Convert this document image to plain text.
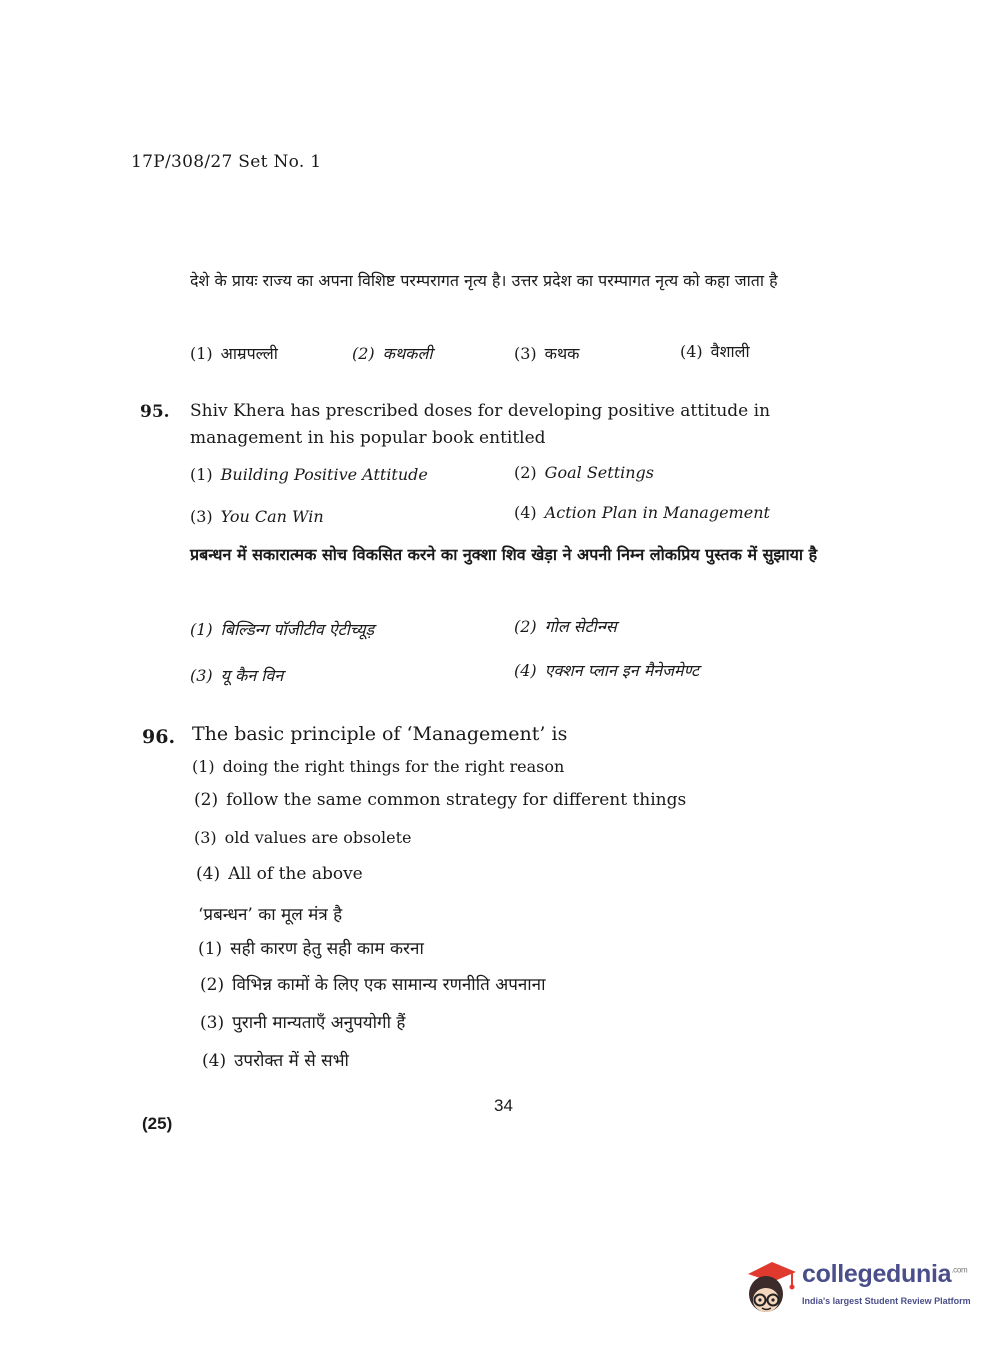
17P/308/27 Set No. 1
देशे के प्रायः राज्य का अपना विशिष्ट परम्परागत नृत्य है। उत्तर प्रदेश का परम्पागत नृत्य को कहा जाता है
(1) आम्रपल्ली	(2) कथकली	(3) कथक	(4) वैशाली
95. Shiv Khera has prescribed doses for developing positive attitude in management in his popular book entitled
(1) Building Positive Attitude	(2) Goal Settings
(3) You Can Win	(4) Action Plan in Management
प्रबन्धन में सकारात्मक सोच विकसित करने का नुक्शा शिव खेड़ा ने अपनी निम्न लोकप्रिय पुस्तक में सुझाया है
(1) बिल्डिन्ग पॉजीटीव ऐटीच्यूड़	(2) गोल सेटीन्ग्स
(3) यू कैन विन	(4) एक्शन प्लान इन मैनेजमेण्ट
96. The basic principle of ‘Management’ is
(1) doing the right things for the right reason
(2) follow the same common strategy for different things
(3) old values are obsolete
(4) All of the above
‘प्रबन्धन’ का मूल मंत्र है
(1) सही कारण हेतु सही काम करना
(2) विभिन्न कामों के लिए एक सामान्य रणनीति अपनाना
(3) पुरानी मान्यताएँ अनुपयोगी हैं
(4) उपरोक्त में से सभी
34
(25)
collegedunia$^{.com}$
India's largest Student Review Platform
